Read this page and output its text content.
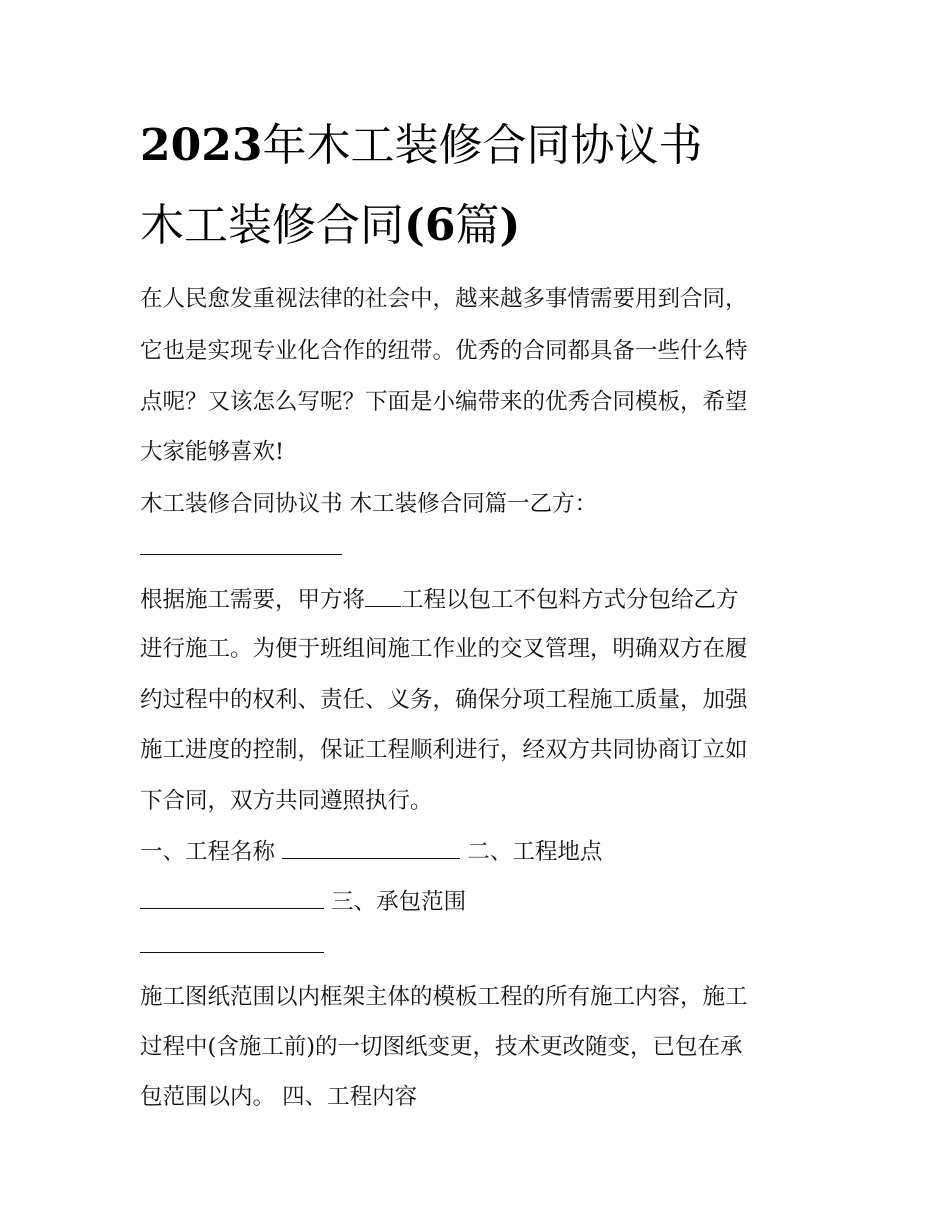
2023年木工装修合同协议书
木工装修合同(6篇)
在人民愈发重视法律的社会中，越来越多事情需要用到合同，
它也是实现专业化合作的纽带。优秀的合同都具备一些什么特
点呢？又该怎么写呢？下面是小编带来的优秀合同模板，希望
大家能够喜欢!
木工装修合同协议书 木工装修合同篇一乙方：
根据施工需要，甲方将 工程以包工不包料方式分包给乙方
进行施工。为便于班组间施工作业的交叉管理，明确双方在履
约过程中的权利、责任、义务，确保分项工程施工质量，加强
施工进度的控制，保证工程顺利进行，经双方共同协商订立如
下合同，双方共同遵照执行。
一、工程名称	二、工程地点
三、承包范围
施工图纸范围以内框架主体的模板工程的所有施工内容，施工
过程中(含施工前)的一切图纸变更，技术更改随变，已包在承
包范围以内。 四、工程内容
